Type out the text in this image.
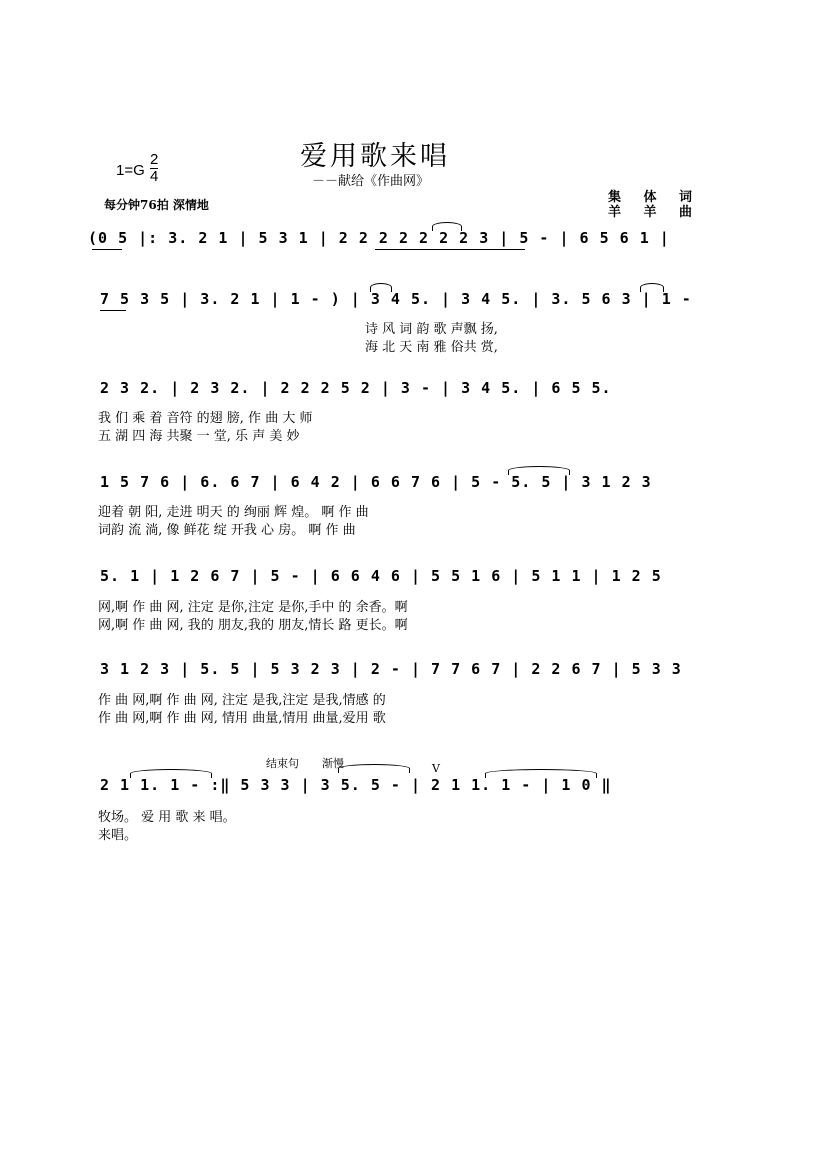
爱用歌来唱
1=G
2
4	－－献给《作曲网》
集 体 词
羊 羊 曲
每分钟76拍 深情地
(0 5 |: 3. 2 1 | 5 3 1 | 2 2 2 2 2 2 2 3 | 5 - | 6 5 6 1 |
7 5 3 5 | 3. 2 1 | 1 - ) | 3 4 5. | 3 4 5. | 3. 5 6 3 | 1 -
诗 风 词 韵 歌 声飘 扬,
海 北 天 南 雅 俗共 赏,
2 3 2. | 2 3 2. | 2 2 2 5 2 | 3 - | 3 4 5. | 6 5 5.
我 们 乘 着 音符 的翅 膀, 作 曲 大 师
五 湖 四 海 共聚 一 堂, 乐 声 美 妙
1 5 7 6 | 6. 6 7 | 6 4 2 | 6 6 7 6 | 5 - 5. 5 | 3 1 2 3
迎着 朝 阳, 走进 明天 的 绚丽 辉 煌。 啊 作 曲
词韵 流 淌, 像 鲜花 绽 开我 心 房。 啊 作 曲
5. 1 | 1 2 6 7 | 5 - | 6 6 4 6 | 5 5 1 6 | 5 1 1 | 1 2 5
网,啊 作 曲 网, 注定 是你,注定 是你,手中 的 余香。啊
网,啊 作 曲 网, 我的 朋友,我的 朋友,情长 路 更长。啊
3 1 2 3 | 5. 5 | 5 3 2 3 | 2 - | 7 7 6 7 | 2 2 6 7 | 5 3 3
作 曲 网,啊 作 曲 网, 注定 是我,注定 是我,情感 的
作 曲 网,啊 作 曲 网, 情用 曲量,情用 曲量,爱用 歌
结束句 渐慢	V
2 1 1. 1 - :‖ 5 3 3 | 3 5. 5 - | 2 1 1. 1 - | 1 0 ‖
牧场。 爱 用 歌 来 唱。
来唱。
